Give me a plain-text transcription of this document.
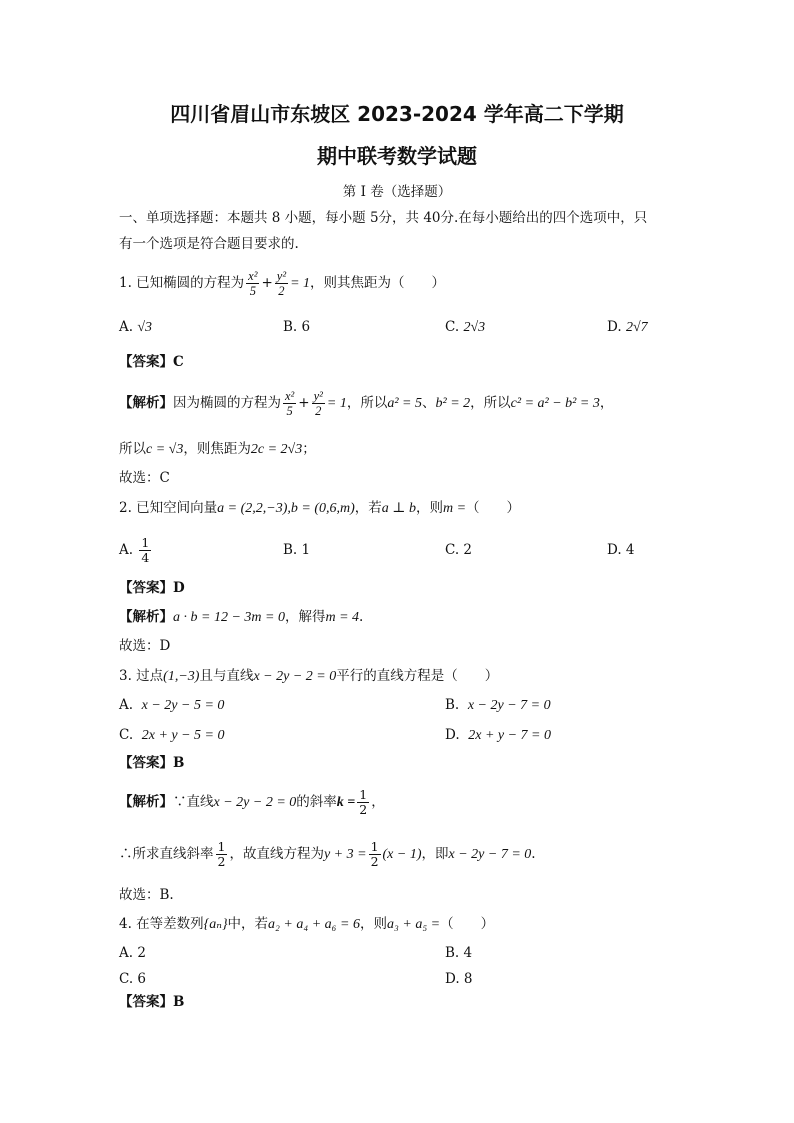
四川省眉山市东坡区 2023-2024 学年高二下学期
期中联考数学试题
第 I 卷（选择题）
一、单项选择题：本题共 8 小题，每小题 5分，共 40分.在每小题给出的四个选项中，只
有一个选项是符合题目要求的.
1. 已知椭圆的方程为 $\frac{\text{x²}}{5} + \frac{\text{y²}}{2} = 1$，则其焦距为（　　）
A. √3	B. 6	C. 2√3	D. 2√7
【答案】C
【解析】因为椭圆的方程为 $\frac{\text{x²}}{5} + \frac{\text{y²}}{2} = 1$，所以a² = 5、b² = 2，所以c² = a² − b² = 3，
所以c = √3，则焦距为2c = 2√3；
故选：C
2. 已知空间向量a = (2,2,−3),b = (0,6,m)，若a ⊥ b，则m =（　　）
A. $\frac{1}{4}$	B. 1	C. 2	D. 4
【答案】D
【解析】a · b = 12 − 3m = 0，解得m = 4.
故选：D
3. 过点(1,−3)且与直线x − 2y − 2 = 0平行的直线方程是（　　）
A. x − 2y − 5 = 0	B. x − 2y − 7 = 0
C. 2x + y − 5 = 0	D. 2x + y − 7 = 0
【答案】B
【解析】∵直线x − 2y − 2 = 0的斜率$k = \frac{1}{2}$ ，
∴所求直线斜率 $\frac{1}{2}$ ，故直线方程为$y + 3 = \frac{1}{2} (x - 1)$，即x − 2y − 7 = 0.
故选：B.
4. 在等差数列{aₙ}中，若a₂ + a₄ + a₆ = 6，则a₃ + a₅ =（　　）
A. 2	B. 4
C. 6	D. 8
【答案】B
